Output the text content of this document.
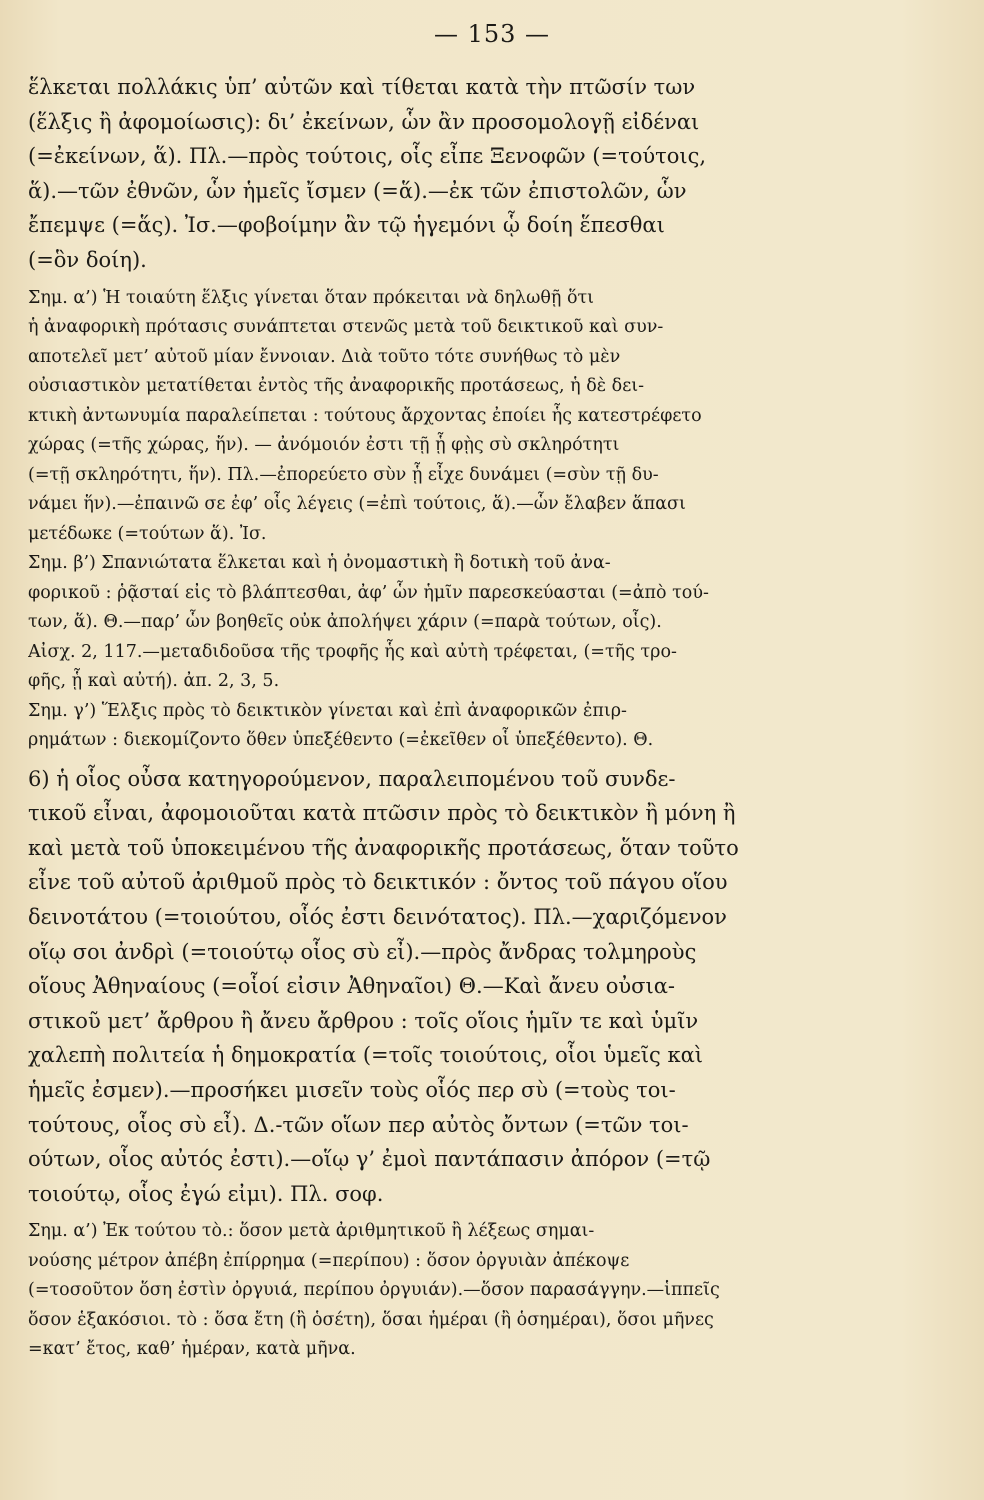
— 153 —
ἕλκεται πολλάκις ὑπ’ αὐτῶν καὶ τίθεται κατὰ τὴν πτῶσίν των
(ἕλξις ἢ ἀφομοίωσις): δι’ ἐκείνων, ὧν ἂν προσομολογῇ εἰδέναι
(=ἐκείνων, ἅ). Πλ.—πρὸς τούτοις, οἷς εἶπε Ξενοφῶν (=τούτοις,
ἅ).—τῶν ἐθνῶν, ὧν ἡμεῖς ἴσμεν (=ἅ).—ἐκ τῶν ἐπιστολῶν, ὧν
ἔπεμψε (=ἅς). Ἰσ.—φοβοίμην ἂν τῷ ἡγεμόνι ᾧ δοίη ἕπεσθαι
(=ὃν δοίη).
Σημ. α’) Ἡ τοιαύτη ἕλξις γίνεται ὅταν πρόκειται νὰ δηλωθῇ ὅτι
ἡ ἀναφορικὴ πρότασις συνάπτεται στενῶς μετὰ τοῦ δεικτικοῦ καὶ συν-
αποτελεῖ μετ’ αὐτοῦ μίαν ἔννοιαν. Διὰ τοῦτο τότε συνήθως τὸ μὲν
οὐσιαστικὸν μετατίθεται ἐντὸς τῆς ἀναφορικῆς προτάσεως, ἡ δὲ δει-
κτικὴ ἀντωνυμία παραλείπεται : τούτους ἄρχοντας ἐποίει ἧς κατεστρέφετο
χώρας (=τῆς χώρας, ἥν). — ἀνόμοιόν ἐστι τῇ ᾗ φῂς σὺ σκληρότητι
(=τῇ σκληρότητι, ἥν). Πλ.—ἐπορεύετο σὺν ᾗ εἶχε δυνάμει (=σὺν τῇ δυ-
νάμει ἥν).—ἐπαινῶ σε ἐφ’ οἷς λέγεις (=ἐπὶ τούτοις, ἅ).—ὧν ἔλαβεν ἅπασι
μετέδωκε (=τούτων ἅ). Ἰσ.
Σημ. β’) Σπανιώτατα ἕλκεται καὶ ἡ ὀνομαστικὴ ἢ δοτικὴ τοῦ ἀνα-
φορικοῦ : ῥᾷσταί εἰς τὸ βλάπτεσθαι, ἀφ’ ὧν ἡμῖν παρεσκεύασται (=ἀπὸ τού-
των, ἅ). Θ.—παρ’ ὧν βοηθεῖς οὐκ ἀπολήψει χάριν (=παρὰ τούτων, οἷς).
Αἰσχ. 2, 117.—μεταδιδοῦσα τῆς τροφῆς ἧς καὶ αὐτὴ τρέφεται, (=τῆς τρο-
φῆς, ᾗ καὶ αὐτή). ἀπ. 2, 3, 5.
Σημ. γ’) Ἕλξις πρὸς τὸ δεικτικὸν γίνεται καὶ ἐπὶ ἀναφορικῶν ἐπιρ-
ρημάτων : διεκομίζοντο ὅθεν ὑπεξέθεντο (=ἐκεῖθεν οἷ ὑπεξέθεντο). Θ.
6) ἡ οἷος οὖσα κατηγορούμενον, παραλειπομένου τοῦ συνδε-
τικοῦ εἶναι, ἀφομοιοῦται κατὰ πτῶσιν πρὸς τὸ δεικτικὸν ἢ μόνη ἢ
καὶ μετὰ τοῦ ὑποκειμένου τῆς ἀναφορικῆς προτάσεως, ὅταν τοῦτο
εἶνε τοῦ αὐτοῦ ἀριθμοῦ πρὸς τὸ δεικτικόν : ὄντος τοῦ πάγου οἵου
δεινοτάτου (=τοιούτου, οἷός ἐστι δεινότατος). Πλ.—χαριζόμενον
οἵῳ σοι ἀνδρὶ (=τοιούτῳ οἷος σὺ εἶ).—πρὸς ἄνδρας τολμηροὺς
οἵους Ἀθηναίους (=οἷοί εἰσιν Ἀθηναῖοι) Θ.—Καὶ ἄνευ οὐσια-
στικοῦ μετ’ ἄρθρου ἢ ἄνευ ἄρθρου : τοῖς οἵοις ἡμῖν τε καὶ ὑμῖν
χαλεπὴ πολιτεία ἡ δημοκρατία (=τοῖς τοιούτοις, οἷοι ὑμεῖς καὶ
ἡμεῖς ἐσμεν).—προσήκει μισεῖν τοὺς οἷός περ σὺ (=τοὺς τοι-
τούτους, οἷος σὺ εἶ). Δ.-τῶν οἵων περ αὐτὸς ὄντων (=τῶν τοι-
ούτων, οἷος αὐτός ἐστι).—οἵῳ γ’ ἐμοὶ παντάπασιν ἀπόρον (=τῷ
τοιούτῳ, οἷος ἐγώ εἰμι). Πλ. σοφ.
Σημ. α’) Ἐκ τούτου τὸ.: ὅσον μετὰ ἀριθμητικοῦ ἢ λέξεως σημαι-
νούσης μέτρον ἀπέβη ἐπίρρημα (=περίπου) : ὅσον ὀργυιὰν ἀπέκοψε
(=τοσοῦτον ὅση ἐστὶν ὀργυιά, περίπου ὀργυιάν).—ὅσον παρασάγγην.—ἱππεῖς
ὅσον ἑξακόσιοι. τὸ : ὅσα ἔτη (ἢ ὁσέτη), ὅσαι ἡμέραι (ἢ ὁσημέραι), ὅσοι μῆνες
=κατ’ ἔτος, καθ’ ἡμέραν, κατὰ μῆνα.
